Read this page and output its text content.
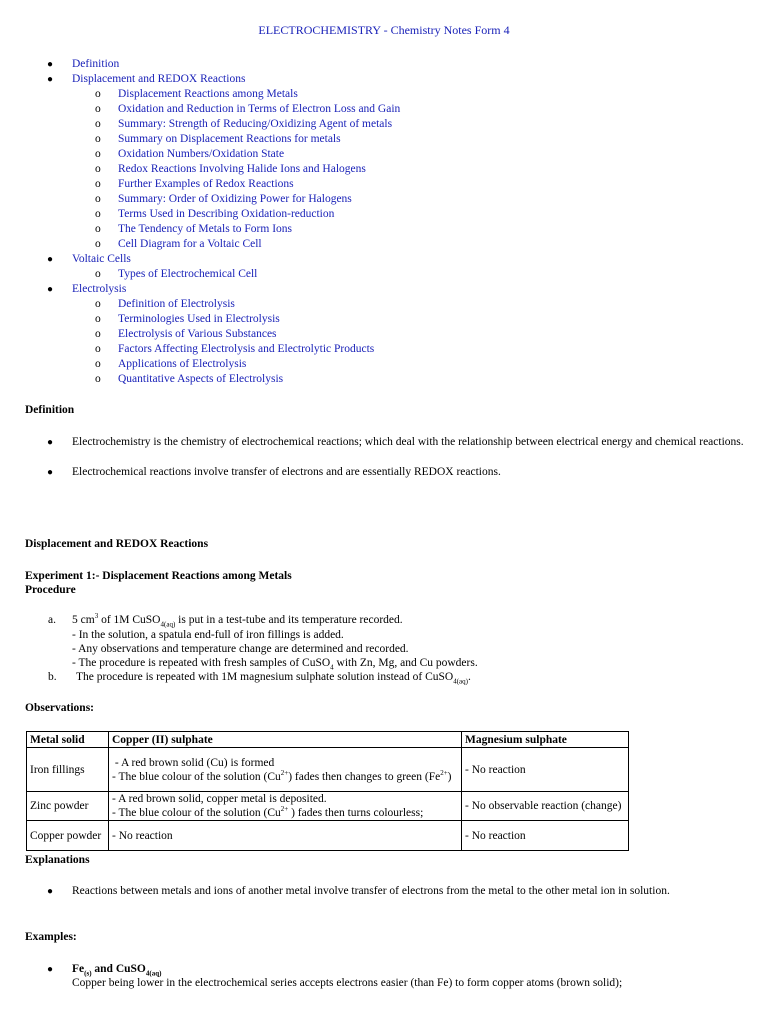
ELECTROCHEMISTRY - Chemistry Notes Form 4
● Definition
● Displacement and REDOX Reactions
o Displacement Reactions among Metals
o Oxidation and Reduction in Terms of Electron Loss and Gain
o Summary: Strength of Reducing/Oxidizing Agent of metals
o Summary on Displacement Reactions for metals
o Oxidation Numbers/Oxidation State
o Redox Reactions Involving Halide Ions and Halogens
o Further Examples of Redox Reactions
o Summary: Order of Oxidizing Power for Halogens
o Terms Used in Describing Oxidation-reduction
o The Tendency of Metals to Form Ions
o Cell Diagram for a Voltaic Cell
● Voltaic Cells
o Types of Electrochemical Cell
● Electrolysis
o Definition of Electrolysis
o Terminologies Used in Electrolysis
o Electrolysis of Various Substances
o Factors Affecting Electrolysis and Electrolytic Products
o Applications of Electrolysis
o Quantitative Aspects of Electrolysis
Definition
● Electrochemistry is the chemistry of electrochemical reactions; which deal with the relationship between electrical energy and chemical reactions.
● Electrochemical reactions involve transfer of electrons and are essentially REDOX reactions.
Displacement and REDOX Reactions
Experiment 1:- Displacement Reactions among Metals
Procedure
a. 5 $cm^3$ of 1M CuSO$_{4(aq)}$ is put in a test-tube and its temperature recorded.
- In the solution, a spatula end-full of iron fillings is added.
- Any observations and temperature change are determined and recorded.
- The procedure is repeated with fresh samples of CuSO$_4$ with Zn, Mg, and Cu powders.
b. The procedure is repeated with 1M magnesium sulphate solution instead of CuSO$_{4(aq)}$.
Observations:
Metal solid	Copper (II) sulphate	Magnesium sulphate
Iron fillings	- A red brown solid (Cu) is formed
- The blue colour of the solution $(Cu^{2+})$ fades then changes to green $(Fe^{2+})$	- No reaction
Zinc powder	- A red brown solid, copper metal is deposited.
- The blue colour of the solution ($Cu^{2+}$ ) fades then turns colourless;	- No observable reaction (change)
Copper powder	- No reaction	- No reaction
Explanations
● Reactions between metals and ions of another metal involve transfer of electrons from the metal to the other metal ion in solution.
Examples:
● $Fe_{(s)}$ and CuSO$_{4(aq)}$
Copper being lower in the electrochemical series accepts electrons easier (than Fe) to form copper atoms (brown solid);
